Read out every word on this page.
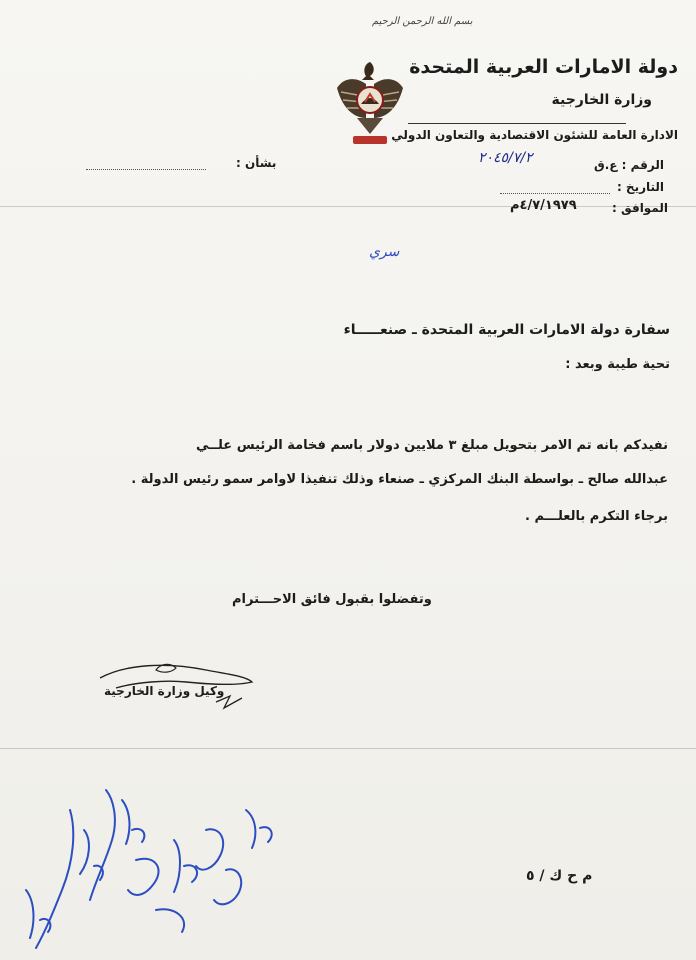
بسم الله الرحمن الرحيم
دولة الامارات العربية المتحدة
وزارة الخارجية
الادارة العامة للشئون الاقتصادية والتعاون الدولي
بشأن :	الرقم : ع.ق
٢٠٤٥/٧/٢
التاريخ :
الموافق :
٤/٧/١٩٧٩م
سري
سفارة دولة الامارات العربية المتحدة ـ صنعـــــاء
تحية طيبة وبعد :
نفيدكم بانه تم الامر بتحويل مبلغ ٣ ملايين دولار باسم فخامة الرئيس علــي
عبدالله صالح ـ بواسطة البنك المركزي ـ صنعاء وذلك تنفيذا لاوامر سمو رئيس الدولة .
برجاء التكرم بالعلـــم .
وتفضلوا بقبول فائق الاحـــترام
وكيل وزارة الخارجية
م ح ك / ٥
